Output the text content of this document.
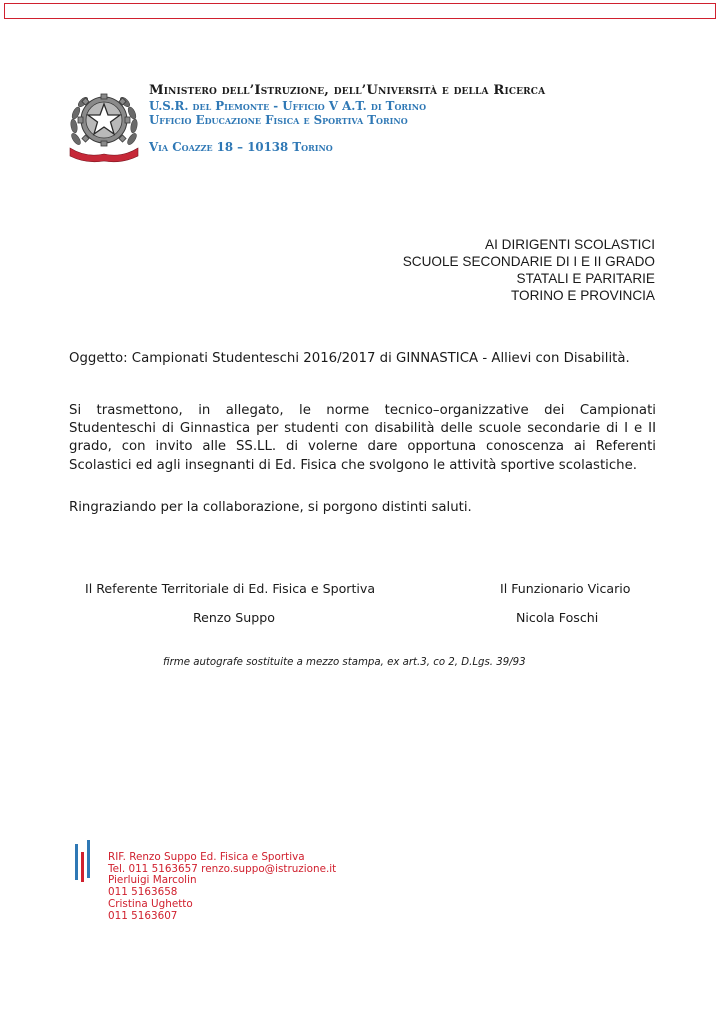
Ministero dell’Istruzione, dell’Università e della Ricerca
U.S.R. del Piemonte - Ufficio V A.T. di Torino
Ufficio Educazione Fisica e Sportiva Torino
Via Coazze 18 – 10138 Torino
AI DIRIGENTI SCOLASTICI
SCUOLE SECONDARIE DI I E II GRADO
STATALI E PARITARIE
TORINO E PROVINCIA
Oggetto: Campionati Studenteschi 2016/2017 di GINNASTICA - Allievi con Disabilità.
Si trasmettono, in allegato, le norme tecnico–organizzative dei Campionati Studenteschi di Ginnastica per studenti con disabilità delle scuole secondarie di I e II grado, con invito alle SS.LL. di volerne dare opportuna conoscenza ai Referenti Scolastici ed agli insegnanti di Ed. Fisica che svolgono le attività sportive scolastiche.
Ringraziando per la collaborazione, si porgono distinti saluti.
Il Referente Territoriale di Ed. Fisica e Sportiva
Renzo Suppo
Il Funzionario Vicario
Nicola Foschi
firme autografe sostituite a mezzo stampa, ex art.3, co 2, D.Lgs. 39/93
RIF. Renzo Suppo Ed. Fisica e Sportiva
Tel. 011 5163657 renzo.suppo@istruzione.it
Pierluigi Marcolin
011 5163658
Cristina Ughetto
011 5163607
